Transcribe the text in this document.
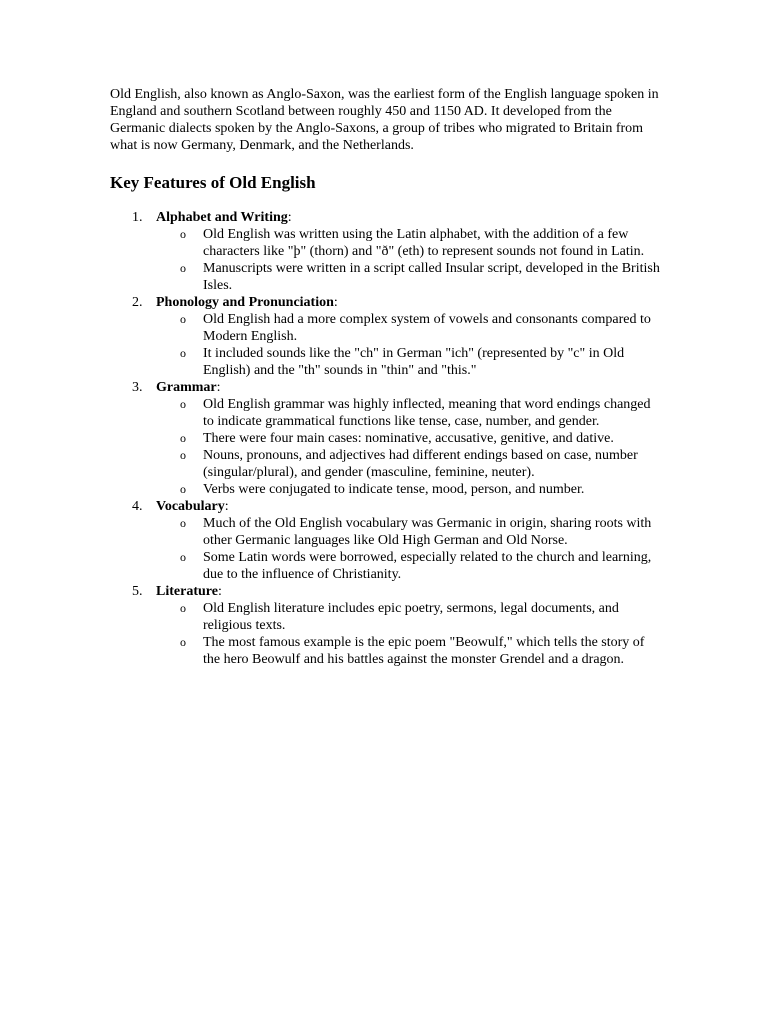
Old English, also known as Anglo-Saxon, was the earliest form of the English language spoken in England and southern Scotland between roughly 450 and 1150 AD. It developed from the Germanic dialects spoken by the Anglo-Saxons, a group of tribes who migrated to Britain from what is now Germany, Denmark, and the Netherlands.

Key Features of Old English
1. Alphabet and Writing:
o Old English was written using the Latin alphabet, with the addition of a few characters like "þ" (thorn) and "ð" (eth) to represent sounds not found in Latin.
o Manuscripts were written in a script called Insular script, developed in the British Isles.
2. Phonology and Pronunciation:
o Old English had a more complex system of vowels and consonants compared to Modern English.
o It included sounds like the "ch" in German "ich" (represented by "c" in Old English) and the "th" sounds in "thin" and "this."
3. Grammar:
o Old English grammar was highly inflected, meaning that word endings changed to indicate grammatical functions like tense, case, number, and gender.
o There were four main cases: nominative, accusative, genitive, and dative.
o Nouns, pronouns, and adjectives had different endings based on case, number (singular/plural), and gender (masculine, feminine, neuter).
o Verbs were conjugated to indicate tense, mood, person, and number.
4. Vocabulary:
o Much of the Old English vocabulary was Germanic in origin, sharing roots with other Germanic languages like Old High German and Old Norse.
o Some Latin words were borrowed, especially related to the church and learning, due to the influence of Christianity.
5. Literature:
o Old English literature includes epic poetry, sermons, legal documents, and religious texts.
o The most famous example is the epic poem "Beowulf," which tells the story of the hero Beowulf and his battles against the monster Grendel and a dragon.
